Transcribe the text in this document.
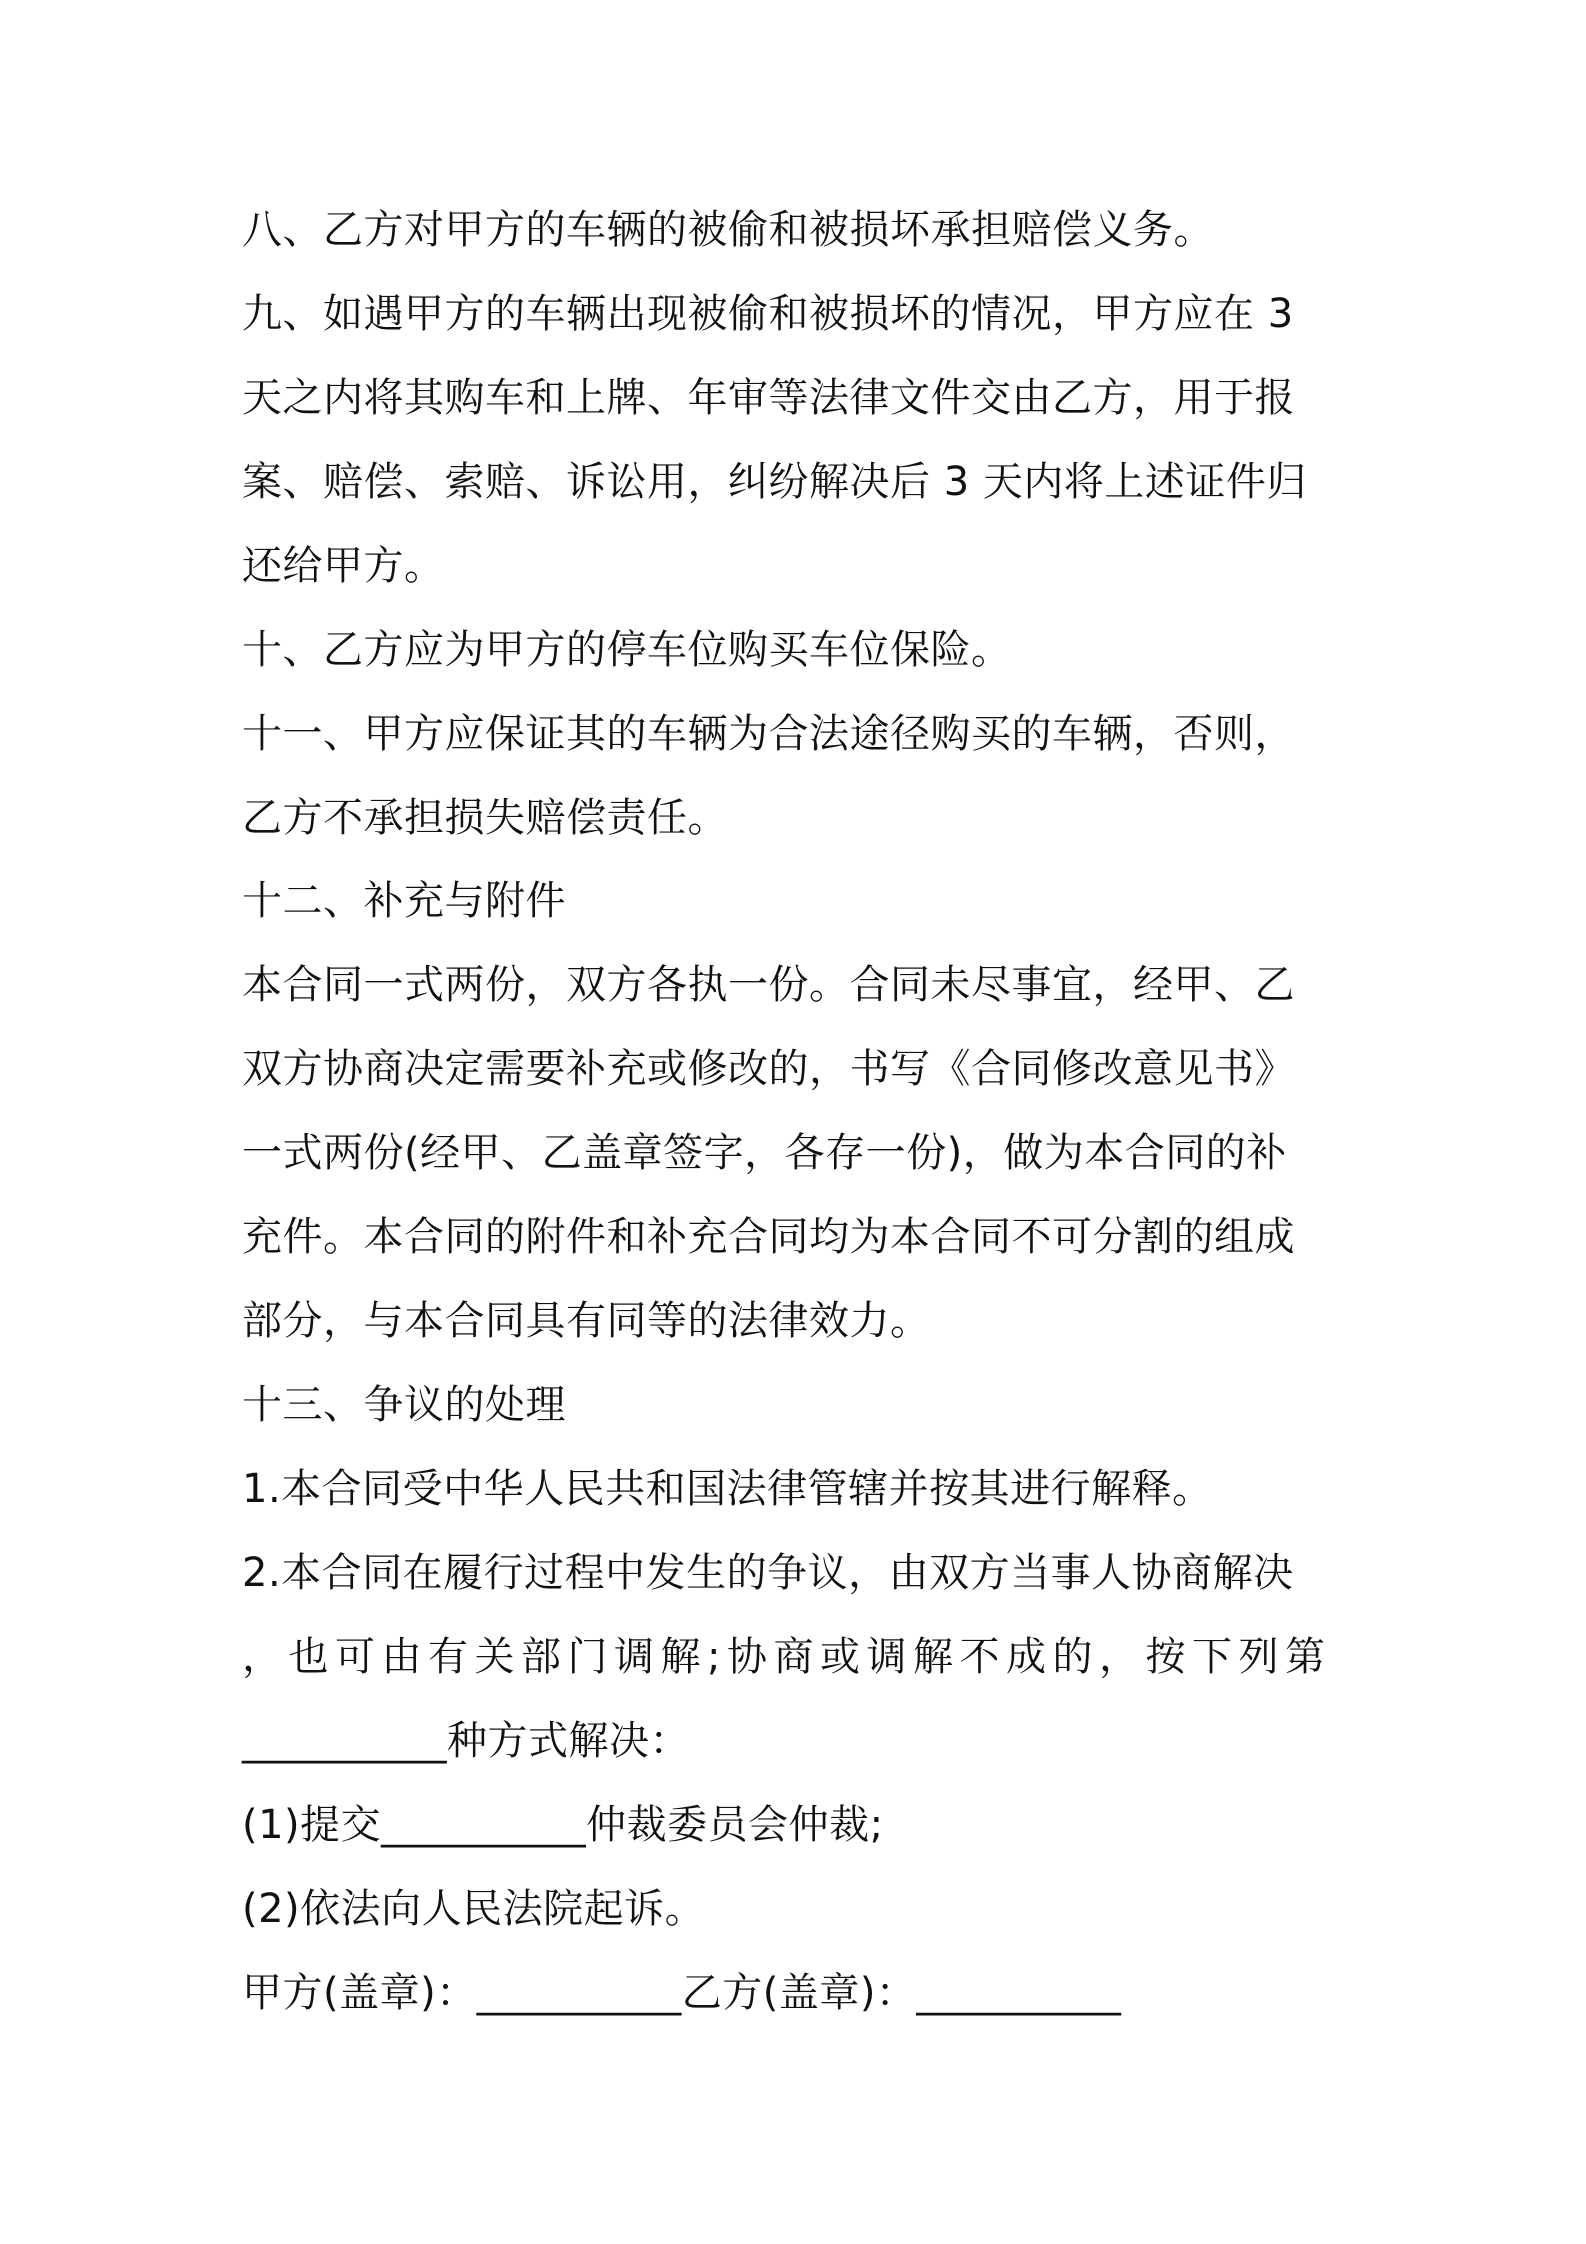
八、乙方对甲方的车辆的被偷和被损坏承担赔偿义务。
九、如遇甲方的车辆出现被偷和被损坏的情况，甲方应在 3
天之内将其购车和上牌、年审等法律文件交由乙方，用于报
案、赔偿、索赔、诉讼用，纠纷解决后 3 天内将上述证件归
还给甲方。
十、乙方应为甲方的停车位购买车位保险。
十一、甲方应保证其的车辆为合法途径购买的车辆，否则，
乙方不承担损失赔偿责任。
十二、补充与附件
本合同一式两份，双方各执一份。合同未尽事宜，经甲、乙
双方协商决定需要补充或修改的，书写《合同修改意见书》
一式两份(经甲、乙盖章签字，各存一份)，做为本合同的补
充件。本合同的附件和补充合同均为本合同不可分割的组成
部分，与本合同具有同等的法律效力。
十三、争议的处理
1.本合同受中华人民共和国法律管辖并按其进行解释。
2.本合同在履行过程中发生的争议，由双方当事人协商解决
，也可由有关部门调解;协商或调解不成的，按下列第
__________种方式解决：
(1)提交__________仲裁委员会仲裁;
(2)依法向人民法院起诉。
甲方(盖章)：__________乙方(盖章)：__________
